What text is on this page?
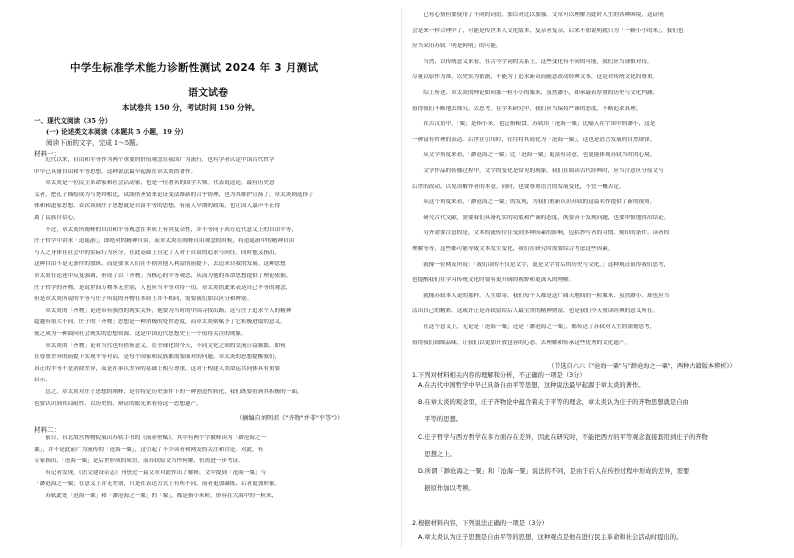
中学生标准学术能力诊断性测试 2024 年 3 月测试
语文试卷
本试卷共 150 分，考试时间 150 分钟。
一、现代文阅读（35 分）
(一) 论述类文本阅读（本题共 5 小题，19 分）
阅读下面的文字，完成 1～5题。
材料一：
　　近代以来，自由和平等作为两个重要的价值观念在我国广为流行，也有学者认定中国古代哲学
中早已具备自由和平等思想，这种说法最早起源在章太炎的著作。
　　章太炎是一位民主革命家和社会活动家，也是一位著名的国学大师。代表说这论，最有历史意
义者，把孔子描绘成为与尧舜相比，试图借圣贤来论证变法维新的合乎情理，也为其维护宣扬了，章太炎则选择了
体和和道家思想。首次谈到庄子思想就是自由平等的思想，有前人早期的政策，也让国人嘉声不止得
离了民族自信心。
　　不过，章太炎所阐释的自由和平等观念在本质上有其复杂性，并不等同于西方近代意义上的自由平等，
庄子哲学中讲求「逍遥游」，即绝对的精神自由。而章太炎在阐释自由观念的时候，将逍遥游中的精神自由
与人之身体在社会中的实际行为区分，在此基础上肯定了人对于自由的追求与向往。同时他又指出，
这种自由不是无条件的放纵，而是要求人们在不损害他人利益的前提下，去追求自我的发展。这种思想
章太炎在论述中反复强调，形成了以「齐物」为核心的平等观念，从而为他的革命思想提供了理论依据。
庄子哲学的齐物，是说世间万物本无差别，人也应当平等对待一切。章太炎借此来表达自己平等的观念，
但是章太炎所说的平等与庄子所说的齐物在本质上并不相同，需要我们加以区分和辨别。
　　章太炎的「齐物」论述带有强烈的现实关怀，他要为当时的中国寻找出路，这与庄子追求个人的精神
超越有很大不同。庄子的「齐物」思想是一种消极的处世态度，而章太炎则赋予了它积极进取的意义，
使之成为一种面向社会现实的思想资源。这是中国近代思想史上一个值得关注的现象。
　　章太炎的「齐物」论对当代也有借鉴意义。在全球化的今天，不同文化之间的交流日益频繁，如何
在尊重差异的前提下实现平等对话，是每个国家和民族都需要面对的问题。章太炎的思想提醒我们，
真正的平等不是消除差异，而是在承认差异的基础上相互尊重，这对于构建人类命运共同体具有重要
启示。
　　总之，章太炎对庄子思想的阐释，是在特定历史条件下的一种创造性转化，我们既要看到其积极的一面，
也要认识到其局限性，以历史的、辩证的眼光来看待这一思想遗产。
（摘编自刘明君《"齐物"并非"平等"》）
材料二：
　　前日，台北故宫博物院展出苏轼手书的《前赤壁赋》，其中有两个字被释读为「渺沧海之一
粟」，并不是此前广为流传的「沧海一粟」，这引起了不少读者和网友的关注和讨论。对此，有
专家指出，「沧海一粟」是后世形成的成语，而苏轼原文当作何解，仍需进一步考证。
　　有记者发现，《语文建设杂志》刊登过一篇文章对此作出了解释，文中提到「沧海一粟」与
「渺沧海之一粟」在意义上并无差别，只是在表达方式上有所不同，前者更加凝练，后者更加形象。
　　苏轼此处「沧海一粟」和「渺沧海之一粟」的「粟」，都是指小米粒，形容在大海中的一粒米，
　　已有心情但要使用了不同的词语，加以对比以加强。文章可以理解为此时人生的各种困境，这证明
会是来一样合理中了，可能是传世本人文化版本，复杂者复杂，后来不加说明就只为「一颗小小的米」，我们也
应当采用苏轼「明是阿明」的可能。
　　当然，以传统意义来看，在古今字词的关系上，这些变化有不同的可能，我们应当谨慎对待，
尽量以原作为准，以史实为依据，不能为了追求新奇而随意改动经典文本，这是对传统文化的尊重。
　　综上所述，章太炎的理论如同那一粒小小的粟米，虽然渺小，却承载着厚重的历史与文化内涵，
值得我们不断地去探究、去思考。在学术研究中，我们应当保持严谨的态度，不断追求真理。
　　在古汉语中，「粟」是指小米，也泛指粮食。苏轼用「沧海一粟」比喻人在宇宙中的渺小，这是
一种富有哲理的表达。后世在引用时，往往将其简化为「沧海一粟」，这也是语言发展的自然规律。
　　从文学角度来看，「渺沧海之一粟」比「沧海一粟」更富有诗意，也更能体现苏轼当时的心境。
　　文学作品的传播过程中，文字的变化是常见的现象。我们在阅读古代经典时，应当注意区分原文与
后世的改动，以免误解作者的本意。同时，也要尊重语言的发展变化，不宜一概否定。
　　从这个角度来看，「渺沧海之一粟」的发现，为我们重新认识苏轼的这篇名作提供了新的视角。
　　研究古代文献，需要我们具备扎实的功底和严谨的态度，既要善于发现问题，也要审慎地得出结论。
　　另外需要注意的是，文本的流传往往受到多种因素的影响，包括抄写者的习惯、刻印的条件、读者的
理解等等，这些都可能导致文本发生变化，我们在研究时需要综合考虑这些因素。
　　就像一位网友所说：「我们读的不仅是文字，更是文字背后的历史与文化。」这种观点值得我们思考，
也提醒我们在学习传统文化时要有更开阔的视野和更深入的理解。
　　就像苏轼本人说的那样，人生如寄，我们每个人都是这广阔天地间的一粒粟米，虽然渺小，却也应当
活出自己的精彩。这或许正是苏轼留给后人最宝贵的精神财富，也是我们今天重读经典的意义所在。
　　在这个意义上，无论是「沧海一粟」还是「渺沧海之一粟」，都传达了苏轼对人生的深刻思考，
值得我们细细品味。让我们以更加开放包容的心态，去理解和传承这些优秀的文化遗产。
（节选自六六《"沧海一粟"与"渺沧海之一粟"，两种古籍版本辨析》）
1.下列对材料相关内容的理解和分析，不正确的一项是（3分）
A.在古代中国哲学中早已具备自由平等思想，这种说法最早起源于章太炎的著作。
B.在章太炎的观念里，庄子齐物论中蕴含着关于平等的理念，章太炎认为庄子的齐物思想就是自由
　平等的思想。
C.庄子哲学与西方哲学在多方面存在差异，因此在研究时，不能把西方的平等观念直接套用到庄子的齐物
　思想之上。
D.所谓「渺沧海之一粟」和「沧海一粟」说法的不同，是由于后人在传抄过程中形成的差异，需要
　据原作加以考辨。
2.根据材料内容，下列说法正确的一项是（3分）
A.章太炎认为庄子思想是自由平等的思想，这种观点是他在进行民主革命和社会活动时提出的。
